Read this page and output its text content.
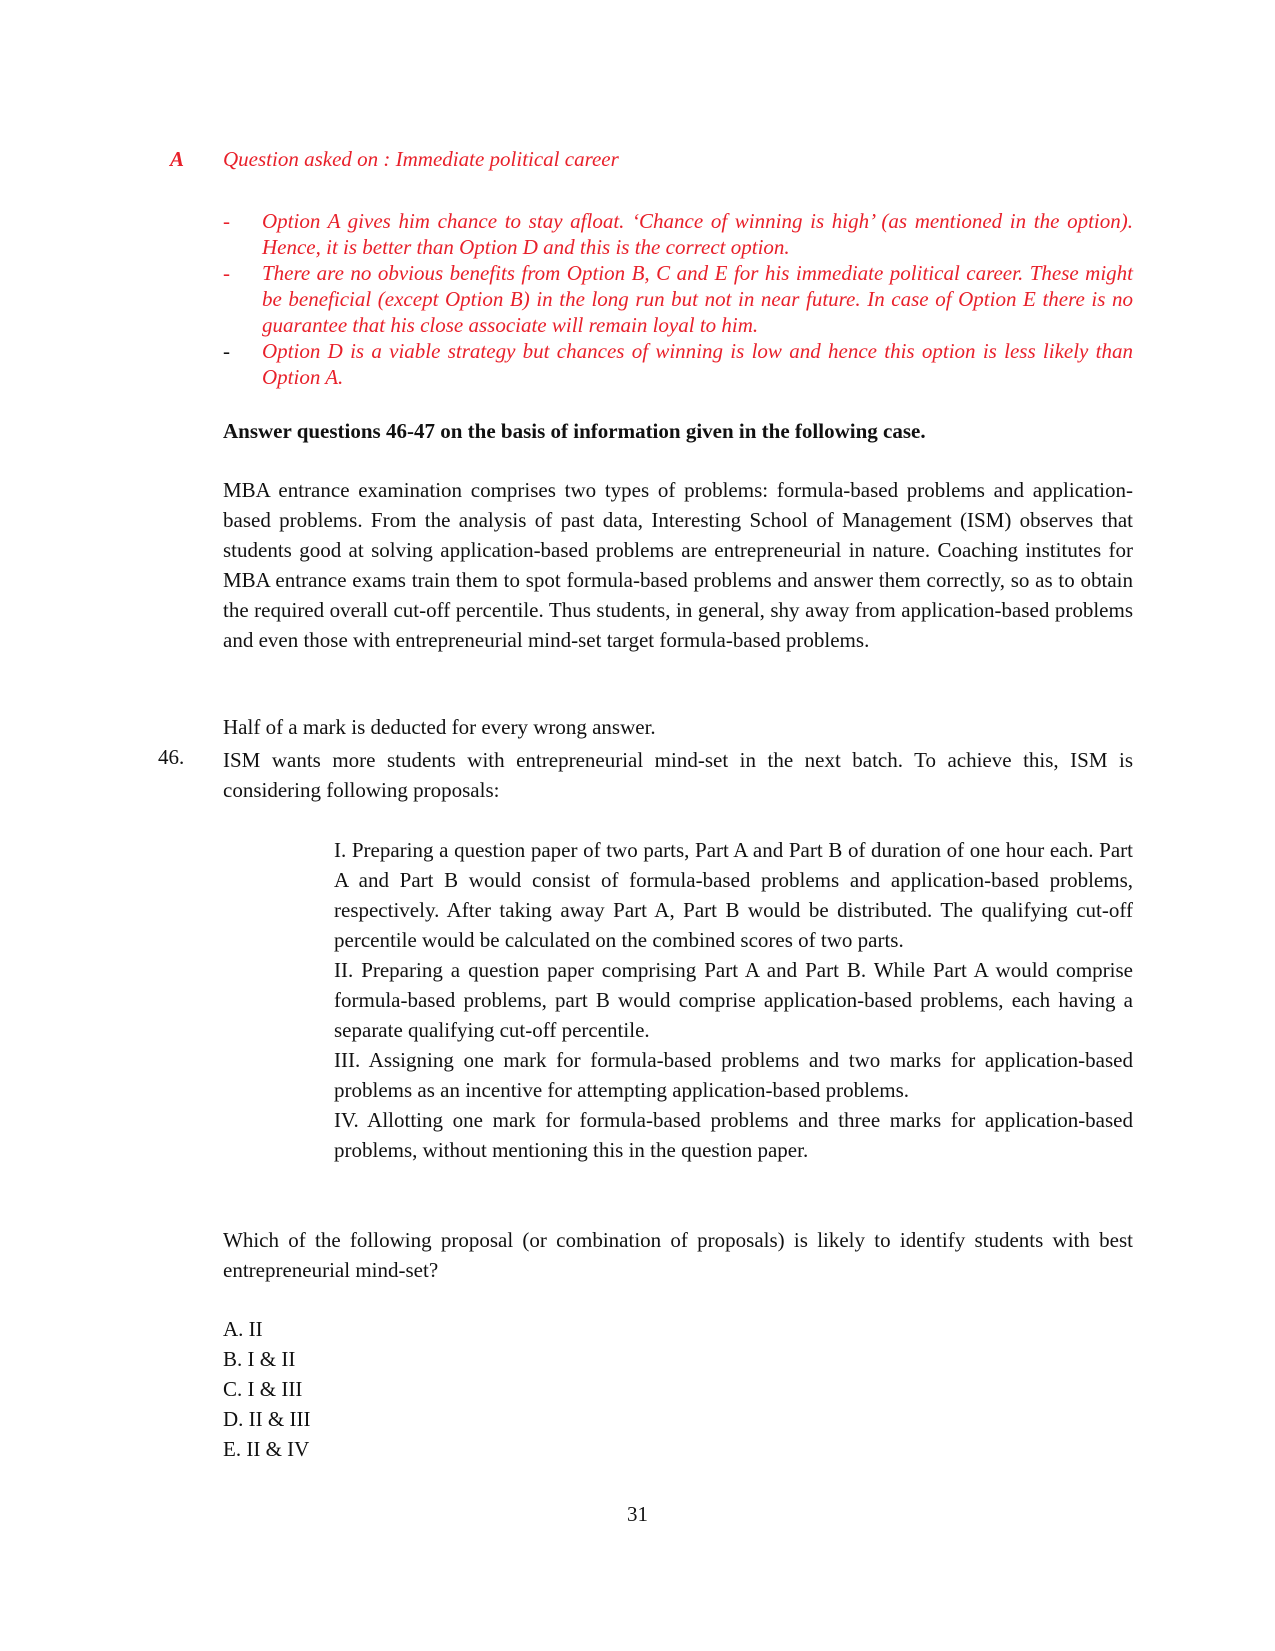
A Question asked on : Immediate political career
- Option A gives him chance to stay afloat. ‘Chance of winning is high’ (as mentioned in the option). Hence, it is better than Option D and this is the correct option.
- There are no obvious benefits from Option B, C and E for his immediate political career. These might be beneficial (except Option B) in the long run but not in near future. In case of Option E there is no guarantee that his close associate will remain loyal to him.
- Option D is a viable strategy but chances of winning is low and hence this option is less likely than Option A.
Answer questions 46-47 on the basis of information given in the following case.

MBA entrance examination comprises two types of problems: formula-based problems and application-based problems. From the analysis of past data, Interesting School of Management (ISM) observes that students good at solving application-based problems are entrepreneurial in nature. Coaching institutes for MBA entrance exams train them to spot formula-based problems and answer them correctly, so as to obtain the required overall cut-off percentile. Thus students, in general, shy away from application-based problems and even those with entrepreneurial mind-set target formula-based problems.

Half of a mark is deducted for every wrong answer.
46. ISM wants more students with entrepreneurial mind-set in the next batch. To achieve this, ISM is considering following proposals:

I. Preparing a question paper of two parts, Part A and Part B of duration of one hour each. Part A and Part B would consist of formula-based problems and application-based problems, respectively. After taking away Part A, Part B would be distributed. The qualifying cut-off percentile would be calculated on the combined scores of two parts.

II. Preparing a question paper comprising Part A and Part B. While Part A would comprise formula-based problems, part B would comprise application-based problems, each having a separate qualifying cut-off percentile.

III. Assigning one mark for formula-based problems and two marks for application-based problems as an incentive for attempting application-based problems.

IV. Allotting one mark for formula-based problems and three marks for application-based problems, without mentioning this in the question paper.

Which of the following proposal (or combination of proposals) is likely to identify students with best entrepreneurial mind-set?

A. II
B. I & II
C. I & III
D. II & III
E. II & IV
31
